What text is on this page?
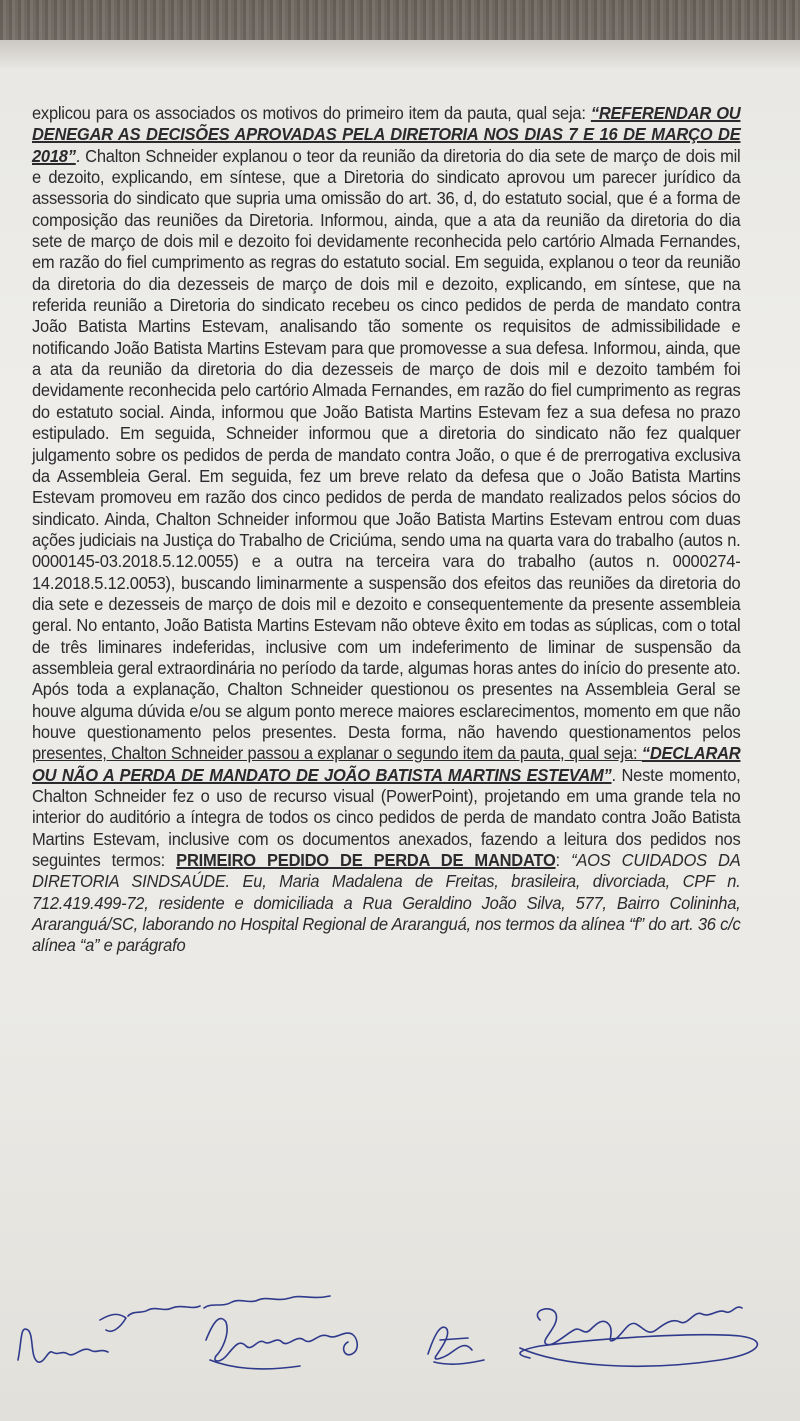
explicou para os associados os motivos do primeiro item da pauta, qual seja: “REFERENDAR OU DENEGAR AS DECISÕES APROVADAS PELA DIRETORIA NOS DIAS 7 E 16 DE MARÇO DE 2018”. Chalton Schneider explanou o teor da reunião da diretoria do dia sete de março de dois mil e dezoito, explicando, em síntese, que a Diretoria do sindicato aprovou um parecer jurídico da assessoria do sindicato que supria uma omissão do art. 36, d, do estatuto social, que é a forma de composição das reuniões da Diretoria. Informou, ainda, que a ata da reunião da diretoria do dia sete de março de dois mil e dezoito foi devidamente reconhecida pelo cartório Almada Fernandes, em razão do fiel cumprimento as regras do estatuto social. Em seguida, explanou o teor da reunião da diretoria do dia dezesseis de março de dois mil e dezoito, explicando, em síntese, que na referida reunião a Diretoria do sindicato recebeu os cinco pedidos de perda de mandato contra João Batista Martins Estevam, analisando tão somente os requisitos de admissibilidade e notificando João Batista Martins Estevam para que promovesse a sua defesa. Informou, ainda, que a ata da reunião da diretoria do dia dezesseis de março de dois mil e dezoito também foi devidamente reconhecida pelo cartório Almada Fernandes, em razão do fiel cumprimento as regras do estatuto social. Ainda, informou que João Batista Martins Estevam fez a sua defesa no prazo estipulado. Em seguida, Schneider informou que a diretoria do sindicato não fez qualquer julgamento sobre os pedidos de perda de mandato contra João, o que é de prerrogativa exclusiva da Assembleia Geral. Em seguida, fez um breve relato da defesa que o João Batista Martins Estevam promoveu em razão dos cinco pedidos de perda de mandato realizados pelos sócios do sindicato. Ainda, Chalton Schneider informou que João Batista Martins Estevam entrou com duas ações judiciais na Justiça do Trabalho de Criciúma, sendo uma na quarta vara do trabalho (autos n. 0000145-03.2018.5.12.0055) e a outra na terceira vara do trabalho (autos n. 0000274-14.2018.5.12.0053), buscando liminarmente a suspensão dos efeitos das reuniões da diretoria do dia sete e dezesseis de março de dois mil e dezoito e consequentemente da presente assembleia geral. No entanto, João Batista Martins Estevam não obteve êxito em todas as súplicas, com o total de três liminares indeferidas, inclusive com um indeferimento de liminar de suspensão da assembleia geral extraordinária no período da tarde, algumas horas antes do início do presente ato. Após toda a explanação, Chalton Schneider questionou os presentes na Assembleia Geral se houve alguma dúvida e/ou se algum ponto merece maiores esclarecimentos, momento em que não houve questionamento pelos presentes. Desta forma, não havendo questionamentos pelos presentes, Chalton Schneider passou a explanar o segundo item da pauta, qual seja: “DECLARAR OU NÃO A PERDA DE MANDATO DE JOÃO BATISTA MARTINS ESTEVAM”. Neste momento, Chalton Schneider fez o uso de recurso visual (PowerPoint), projetando em uma grande tela no interior do auditório a íntegra de todos os cinco pedidos de perda de mandato contra João Batista Martins Estevam, inclusive com os documentos anexados, fazendo a leitura dos pedidos nos seguintes termos: PRIMEIRO PEDIDO DE PERDA DE MANDATO: “AOS CUIDADOS DA DIRETORIA SINDSAÚDE. Eu, Maria Madalena de Freitas, brasileira, divorciada, CPF n. 712.419.499-72, residente e domiciliada a Rua Geraldino João Silva, 577, Bairro Colininha, Araranguá/SC, laborando no Hospital Regional de Araranguá, nos termos da alínea “f” do art. 36 c/c alínea “a” e parágrafo
